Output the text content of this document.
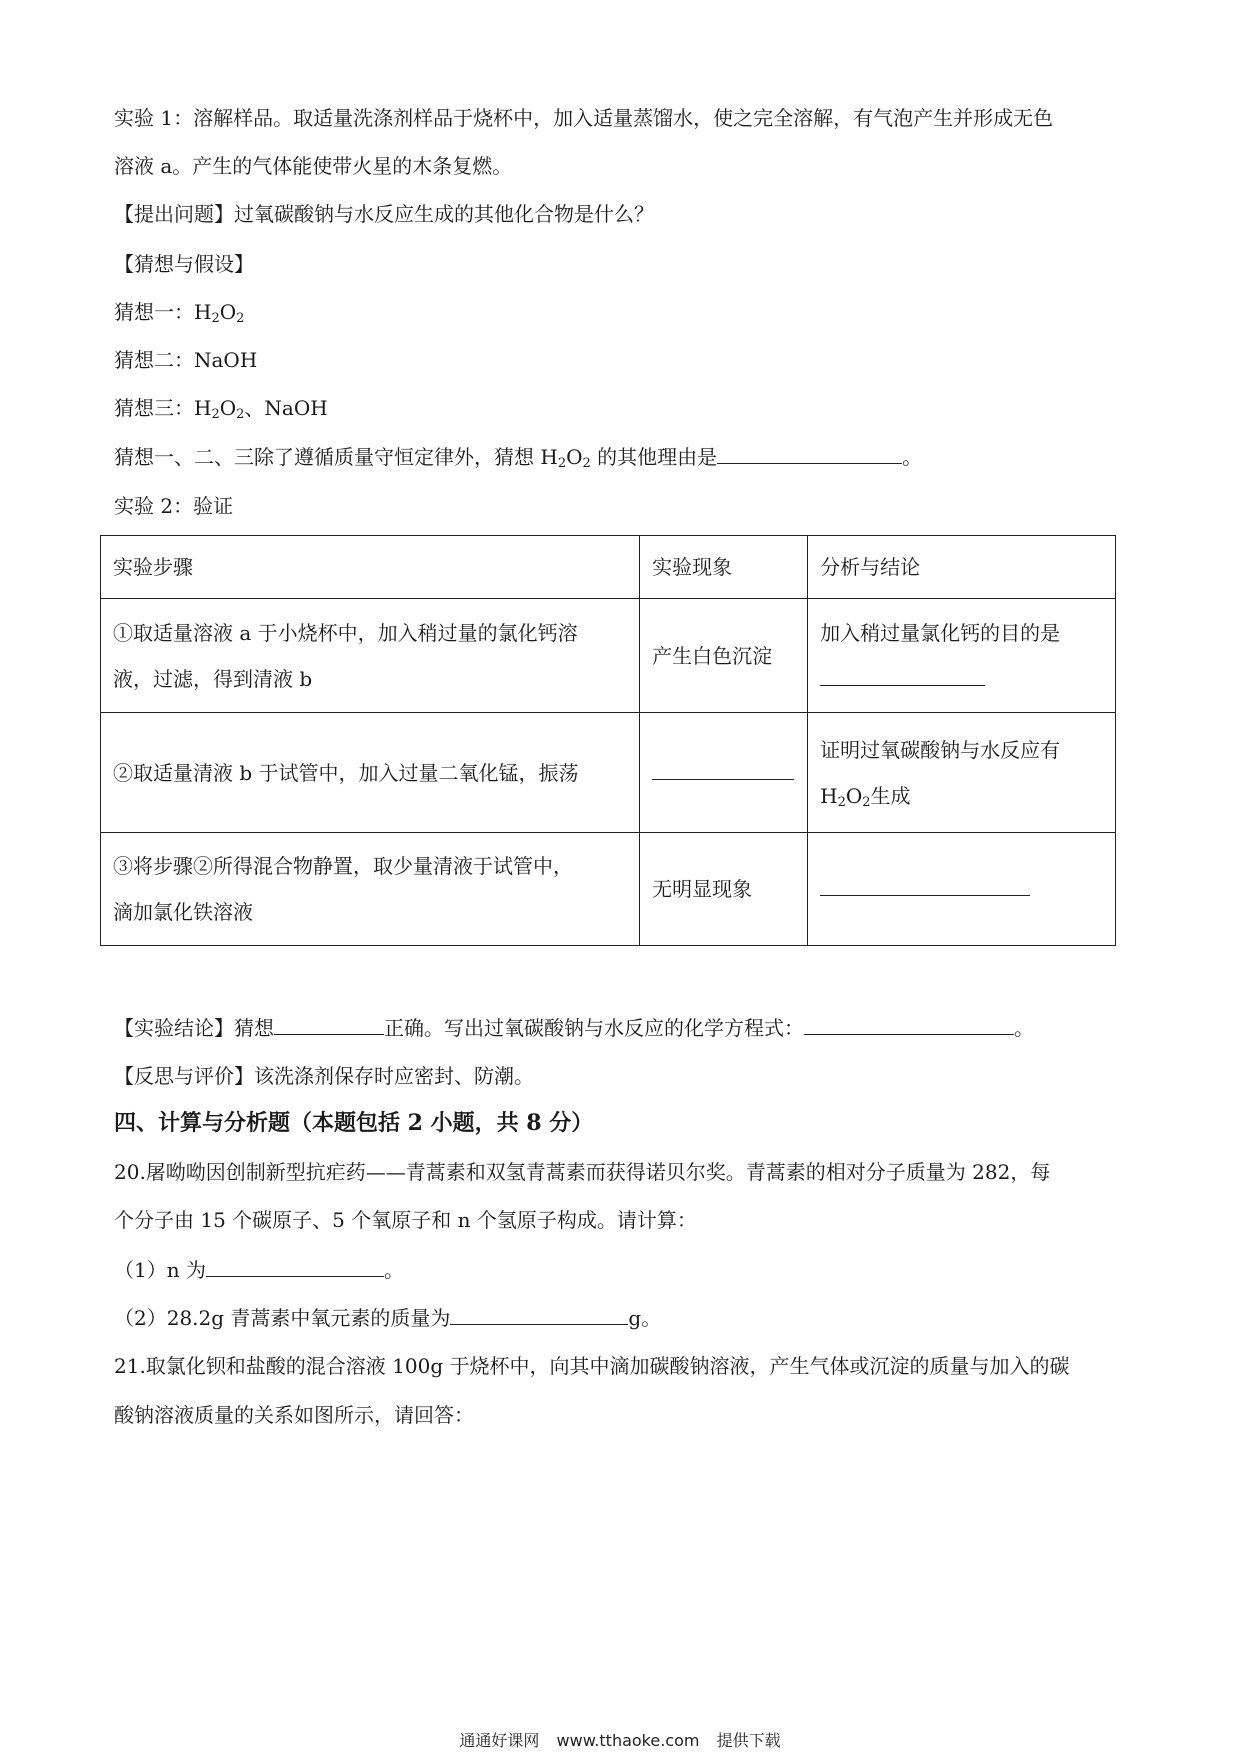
实验 1：溶解样品。取适量洗涤剂样品于烧杯中，加入适量蒸馏水，使之完全溶解，有气泡产生并形成无色
溶液 a。产生的气体能使带火星的木条复燃。
【提出问题】过氧碳酸钠与水反应生成的其他化合物是什么？
【猜想与假设】
猜想一：$H_2O_2$
猜想二：NaOH
猜想三：$H_2O_2$、NaOH
猜想一、二、三除了遵循质量守恒定律外，猜想 $H_2O_2$ 的其他理由是	。
实验 2：验证
实验步骤	实验现象	分析与结论

①取适量溶液 a 于小烧杯中，加入稍过量的氯化钙溶
液，过滤，得到清液 b	产生白色沉淀	加入稍过量氯化钙的目的是

②取适量清液 b 于试管中，加入过量二氧化锰，振荡		证明过氧碳酸钠与水反应有
$H_2O_2$生成

③将步骤②所得混合物静置，取少量清液于试管中，
滴加氯化铁溶液	无明显现象	
【实验结论】猜想	正确。写出过氧碳酸钠与水反应的化学方程式：	。
【反思与评价】该洗涤剂保存时应密封、防潮。
四、计算与分析题（本题包括 2 小题，共 8 分）
20.屠呦呦因创制新型抗疟药——青蒿素和双氢青蒿素而获得诺贝尔奖。青蒿素的相对分子质量为 282，每
个分子由 15 个碳原子、5 个氧原子和 n 个氢原子构成。请计算：
（1）n 为	。
（2）28.2g 青蒿素中氧元素的质量为	g。
21.取氯化钡和盐酸的混合溶液 100g 于烧杯中，向其中滴加碳酸钠溶液，产生气体或沉淀的质量与加入的碳
酸钠溶液质量的关系如图所示，请回答：
通通好课网 www.tthaoke.com 提供下载
